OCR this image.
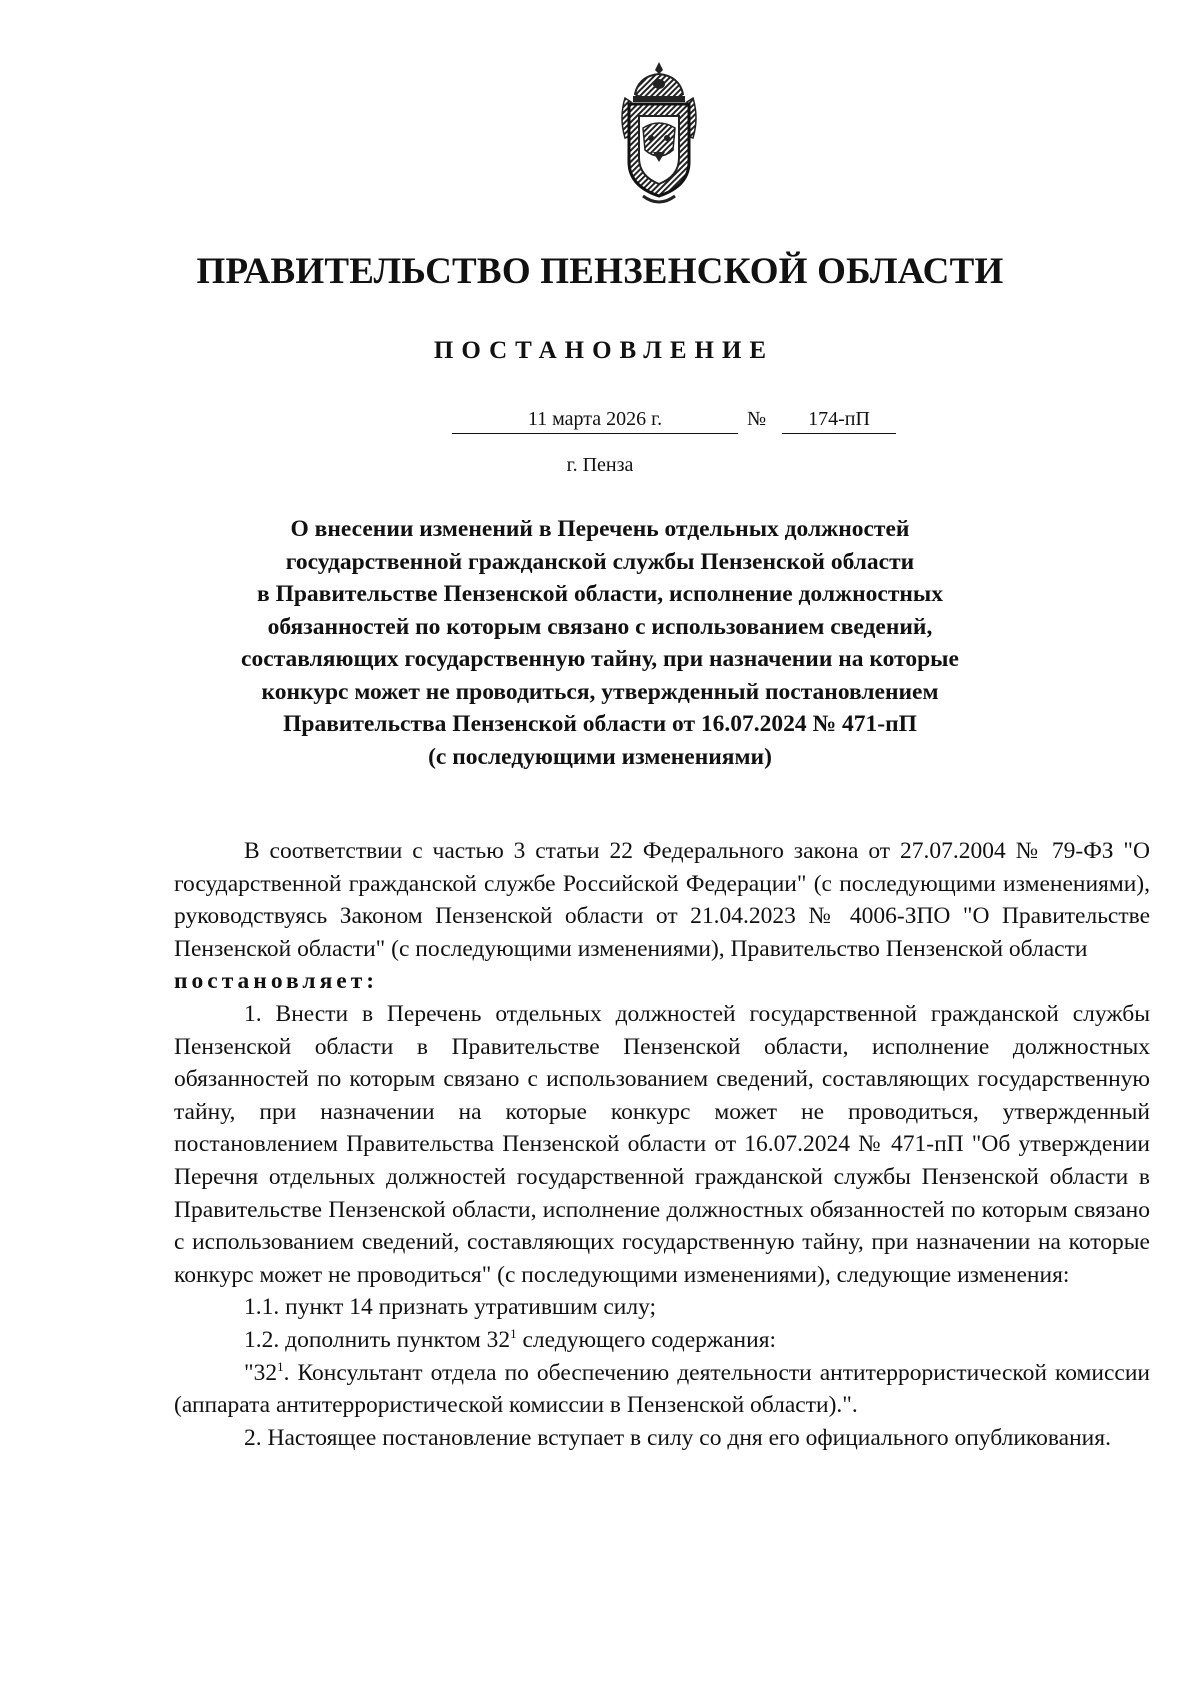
ПРАВИТЕЛЬСТВО ПЕНЗЕНСКОЙ ОБЛАСТИ
ПОСТАНОВЛЕНИЕ
11 марта 2026 г.	№	174-пП
г. Пенза
О внесении изменений в Перечень отдельных должностей
государственной гражданской службы Пензенской области
в Правительстве Пензенской области, исполнение должностных
обязанностей по которым связано с использованием сведений,
составляющих государственную тайну, при назначении на которые
конкурс может не проводиться, утвержденный постановлением
Правительства Пензенской области от 16.07.2024 № 471-пП
(с последующими изменениями)

В соответствии с частью 3 статьи 22 Федерального закона от 27.07.2004 № 79-ФЗ "О государственной гражданской службе Российской Федерации" (с последующими изменениями), руководствуясь Законом Пензенской области от 21.04.2023 № 4006-ЗПО "О Правительстве Пензенской области" (с последующими изменениями), Правительство Пензенской области

постановляет:

1. Внести в Перечень отдельных должностей государственной гражданской службы Пензенской области в Правительстве Пензенской области, исполнение должностных обязанностей по которым связано с использованием сведений, составляющих государственную тайну, при назначении на которые конкурс может не проводиться, утвержденный постановлением Правительства Пензенской области от 16.07.2024 № 471-пП "Об утверждении Перечня отдельных должностей государственной гражданской службы Пензенской области в Правительстве Пензенской области, исполнение должностных обязанностей по которым связано с использованием сведений, составляющих государственную тайну, при назначении на которые конкурс может не проводиться" (с последующими изменениями), следующие изменения:

1.1. пункт 14 признать утратившим силу;

1.2. дополнить пунктом $32^1$ следующего содержания:

"$32^1$. Консультант отдела по обеспечению деятельности антитеррористической комиссии (аппарата антитеррористической комиссии в Пензенской области).".

2. Настоящее постановление вступает в силу со дня его официального опубликования.
